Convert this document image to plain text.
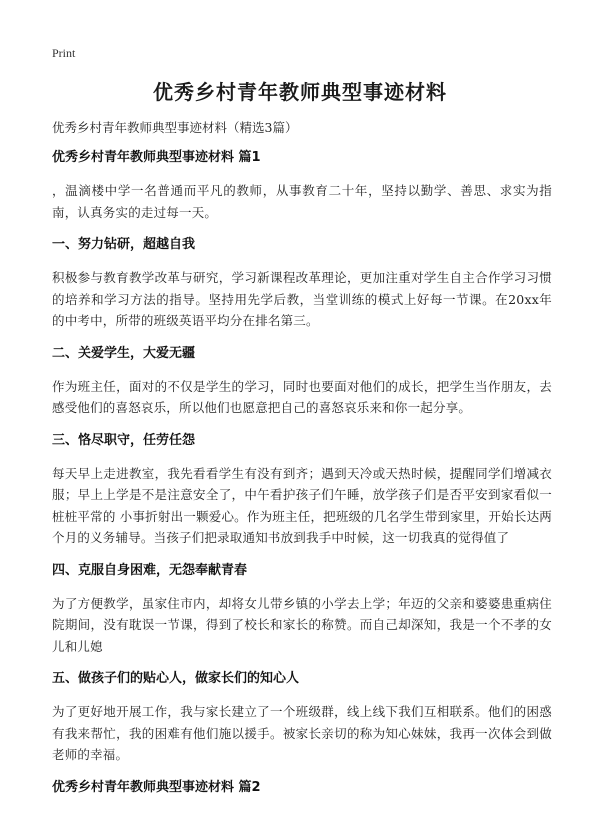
Print
优秀乡村青年教师典型事迹材料

优秀乡村青年教师典型事迹材料（精选3篇）

优秀乡村青年教师典型事迹材料 篇1

，温滴楼中学一名普通而平凡的教师，从事教育二十年，坚持以勤学、善思、求实为指南，认真务实的走过每一天。

一、努力钻研，超越自我

积极参与教育教学改革与研究，学习新课程改革理论，更加注重对学生自主合作学习习惯的培养和学习方法的指导。坚持用先学后教，当堂训练的模式上好每一节课。在20xx年的中考中，所带的班级英语平均分在排名第三。

二、关爱学生，大爱无疆

作为班主任，面对的不仅是学生的学习，同时也要面对他们的成长，把学生当作朋友，去感受他们的喜怒哀乐，所以他们也愿意把自己的喜怒哀乐来和你一起分享。

三、恪尽职守，任劳任怨

每天早上走进教室，我先看看学生有没有到齐；遇到天冷或天热时候，提醒同学们增减衣服；早上上学是不是注意安全了，中午看护孩子们午睡，放学孩子们是否平安到家看似一桩桩平常的 小事折射出一颗爱心。作为班主任，把班级的几名学生带到家里，开始长达两个月的义务辅导。当孩子们把录取通知书放到我手中时候，这一切我真的觉得值了

四、克服自身困难，无怨奉献青春

为了方便教学，虽家住市内，却将女儿带乡镇的小学去上学；年迈的父亲和婆婆患重病住院期间，没有耽误一节课，得到了校长和家长的称赞。而自己却深知，我是一个不孝的女儿和儿媳

五、做孩子们的贴心人，做家长们的知心人

为了更好地开展工作，我与家长建立了一个班级群，线上线下我们互相联系。他们的困惑有我来帮忙，我的困难有他们施以援手。被家长亲切的称为知心妹妹，我再一次体会到做老师的幸福。

优秀乡村青年教师典型事迹材料 篇2
